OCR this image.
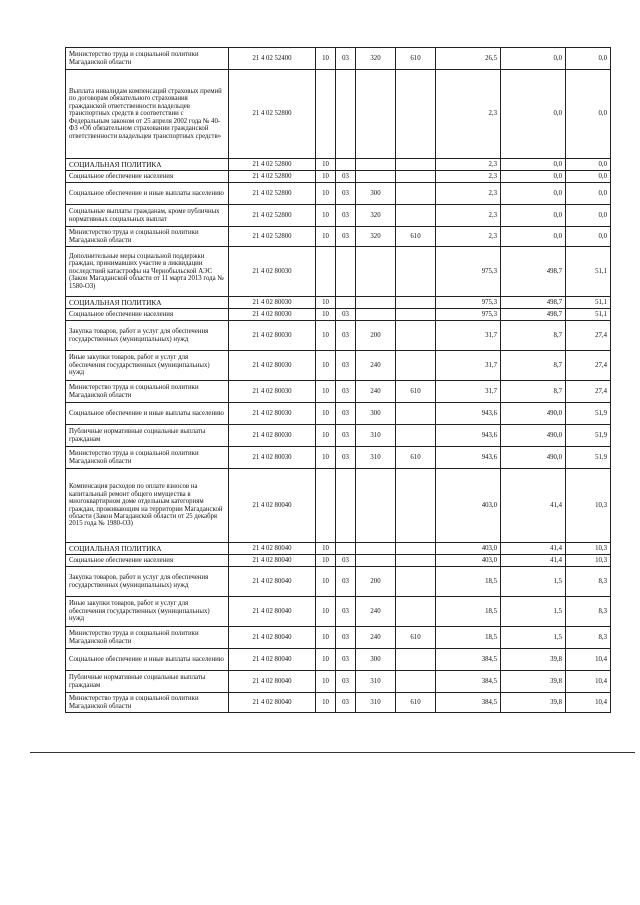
Министерство труда и социальной политики Магаданской области	21 4 02 52400	10	03	320	610	26,5	0,0	0,0
Выплата инвалидам компенсаций страховых премий по договорам обязательного страхования гражданской ответственности владельцев транспортных средств в соответствии с Федеральным законом от 25 апреля 2002 года № 40-ФЗ «Об обязательном страховании гражданской ответственности владельцев транспортных средств»	21 4 02 52800					2,3	0,0	0,0
СОЦИАЛЬНАЯ ПОЛИТИКА	21 4 02 52800	10				2,3	0,0	0,0
Социальное обеспечение населения	21 4 02 52800	10	03			2,3	0,0	0,0
Социальное обеспечение и иные выплаты населению	21 4 02 52800	10	03	300		2,3	0,0	0,0
Социальные выплаты гражданам, кроме публичных нормативных социальных выплат	21 4 02 52800	10	03	320		2,3	0,0	0,0
Министерство труда и социальной политики Магаданской области	21 4 02 52800	10	03	320	610	2,3	0,0	0,0
Дополнительные меры социальной поддержки граждан, принимавших участие в ликвидации последствий катастрофы на Чернобыльской АЭС (Закон Магаданской области от 11 марта 2013 года № 1580-ОЗ)	21 4 02 80030					975,3	498,7	51,1
СОЦИАЛЬНАЯ ПОЛИТИКА	21 4 02 80030	10				975,3	498,7	51,1
Социальное обеспечение населения	21 4 02 80030	10	03			975,3	498,7	51,1
Закупка товаров, работ и услуг для обеспечения государственных (муниципальных) нужд	21 4 02 80030	10	03	200		31,7	8,7	27,4
Иные закупки товаров, работ и услуг для обеспечения государственных (муниципальных) нужд	21 4 02 80030	10	03	240		31,7	8,7	27,4
Министерство труда и социальной политики Магаданской области	21 4 02 80030	10	03	240	610	31,7	8,7	27,4
Социальное обеспечение и иные выплаты населению	21 4 02 80030	10	03	300		943,6	490,0	51,9
Публичные нормативные социальные выплаты гражданам	21 4 02 80030	10	03	310		943,6	490,0	51,9
Министерство труда и социальной политики Магаданской области	21 4 02 80030	10	03	310	610	943,6	490,0	51,9
Компенсация расходов по оплате взносов на капитальный ремонт общего имущества в многоквартирном доме отдельным категориям граждан, проживающим на территории Магаданской области (Закон Магаданской области от 25 декабря 2015 года № 1980-ОЗ)	21 4 02 80040					403,0	41,4	10,3
СОЦИАЛЬНАЯ ПОЛИТИКА	21 4 02 80040	10				403,0	41,4	10,3
Социальное обеспечение населения	21 4 02 80040	10	03			403,0	41,4	10,3
Закупка товаров, работ и услуг для обеспечения государственных (муниципальных) нужд	21 4 02 80040	10	03	200		18,5	1,5	8,3
Иные закупки товаров, работ и услуг для обеспечения государственных (муниципальных) нужд	21 4 02 80040	10	03	240		18,5	1,5	8,3
Министерство труда и социальной политики Магаданской области	21 4 02 80040	10	03	240	610	18,5	1,5	8,3
Социальное обеспечение и иные выплаты населению	21 4 02 80040	10	03	300		384,5	39,8	10,4
Публичные нормативные социальные выплаты гражданам	21 4 02 80040	10	03	310		384,5	39,8	10,4
Министерство труда и социальной политики Магаданской области	21 4 02 80040	10	03	310	610	384,5	39,8	10,4
